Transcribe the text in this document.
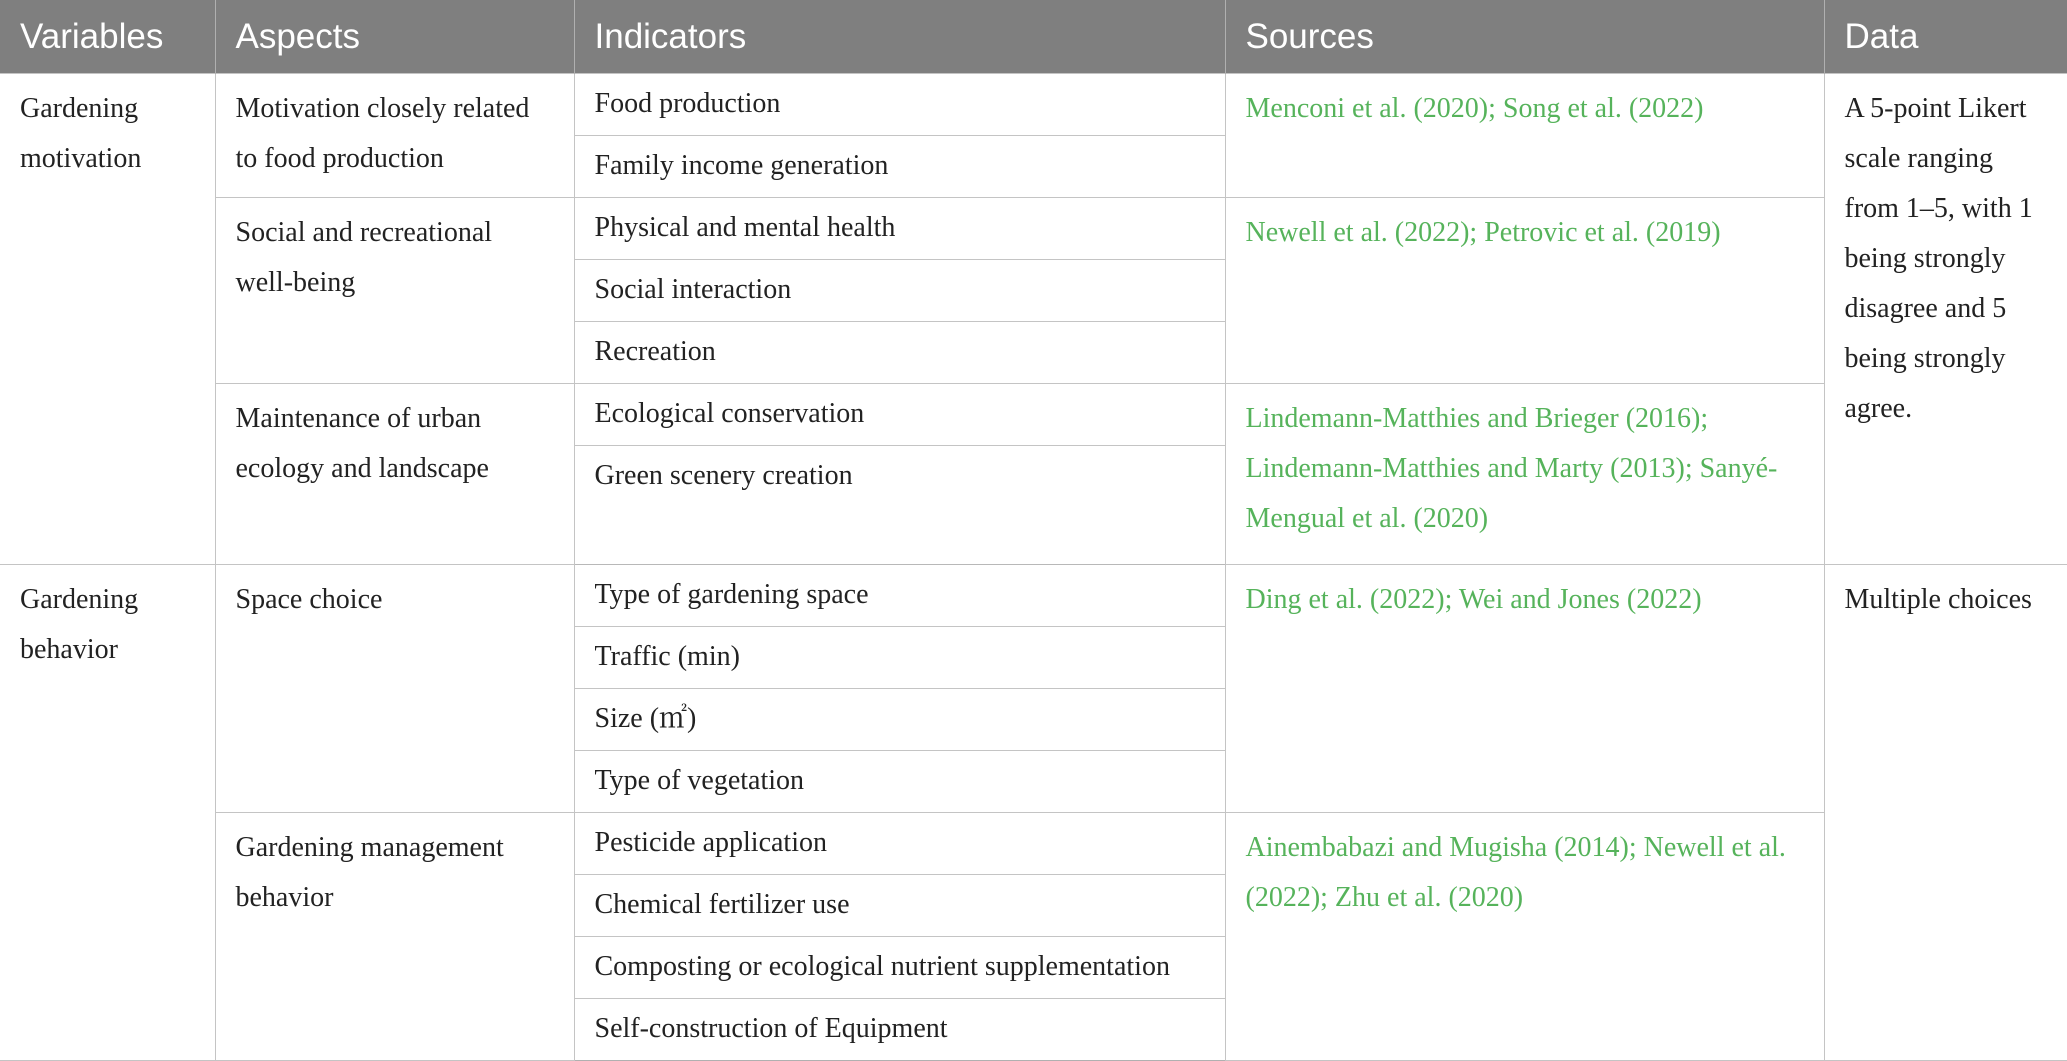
Variables	Aspects	Indicators	Sources	Data
Gardening motivation	Motivation closely related to food production	Food production	Menconi et al. (2020); Song et al. (2022)	A 5-point Likert scale ranging from 1–5, with 1 being strongly disagree and 5 being strongly agree.
		Family income generation		
	Social and recreational well-being	Physical and mental health	Newell et al. (2022); Petrovic et al. (2019)	
		Social interaction		
		Recreation		
	Maintenance of urban ecology and landscape	Ecological conservation	Lindemann-Matthies and Brieger (2016); Lindemann-Matthies and Marty (2013); Sanyé-Mengual et al. (2020)	
		Green scenery creation		
Gardening behavior	Space choice	Type of gardening space	Ding et al. (2022); Wei and Jones (2022)	Multiple choices
		Traffic (min)		
		Size (㎡)		
		Type of vegetation		
	Gardening management behavior	Pesticide application	Ainembabazi and Mugisha (2014); Newell et al. (2022); Zhu et al. (2020)	
		Chemical fertilizer use		
		Composting or ecological nutrient supplementation		
		Self-construction of Equipment		
